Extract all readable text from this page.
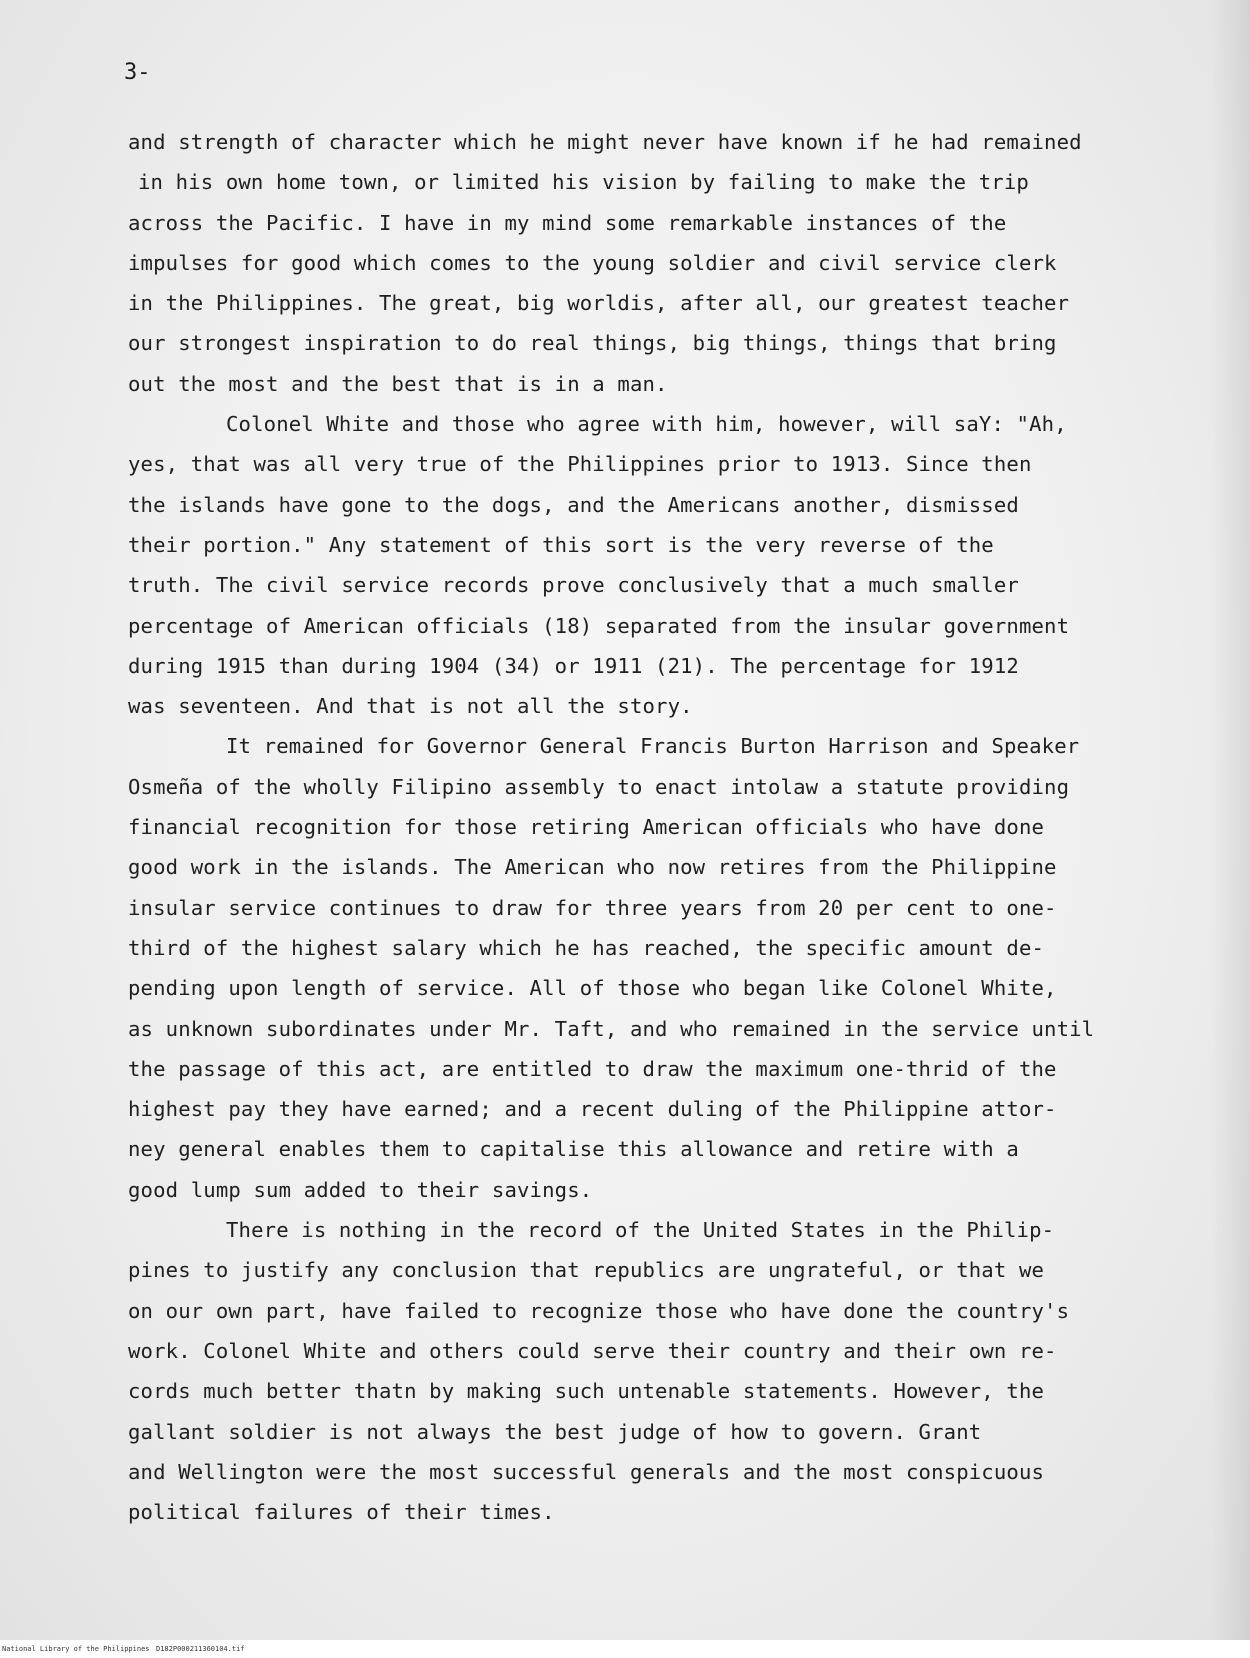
3-
and strength of character which he might never have known if he had remained
in his own home town, or limited his vision by failing to make the trip
across the Pacific. I have in my mind some remarkable instances of the
impulses for good which comes to the young soldier and civil service clerk
in the Philippines. The great, big worldis, after all, our greatest teacher
our strongest inspiration to do real things, big things, things that bring
out the most and the best that is in a man.
Colonel White and those who agree with him, however, will saY: "Ah,
yes, that was all very true of the Philippines prior to 1913. Since then
the islands have gone to the dogs, and the Americans another, dismissed
their portion." Any statement of this sort is the very reverse of the
truth. The civil service records prove conclusively that a much smaller
percentage of American officials (18) separated from the insular government
during 1915 than during 1904 (34) or 1911 (21). The percentage for 1912
was seventeen. And that is not all the story.
It remained for Governor General Francis Burton Harrison and Speaker
Osmeña of the wholly Filipino assembly to enact intolaw a statute providing
financial recognition for those retiring American officials who have done
good work in the islands. The American who now retires from the Philippine
insular service continues to draw for three years from 20 per cent to one-
third of the highest salary which he has reached, the specific amount de-
pending upon length of service. All of those who began like Colonel White,
as unknown subordinates under Mr. Taft, and who remained in the service until
the passage of this act, are entitled to draw the maximum one-thrid of the
highest pay they have earned; and a recent duling of the Philippine attor-
ney general enables them to capitalise this allowance and retire with a
good lump sum added to their savings.
There is nothing in the record of the United States in the Philip-
pines to justify any conclusion that republics are ungrateful, or that we
on our own part, have failed to recognize those who have done the country's
work. Colonel White and others could serve their country and their own re-
cords much better thatn by making such untenable statements. However, the
gallant soldier is not always the best judge of how to govern. Grant
and Wellington were the most successful generals and the most conspicuous
political failures of their times.
National Library of the Philippines D182P000211360104.tif
